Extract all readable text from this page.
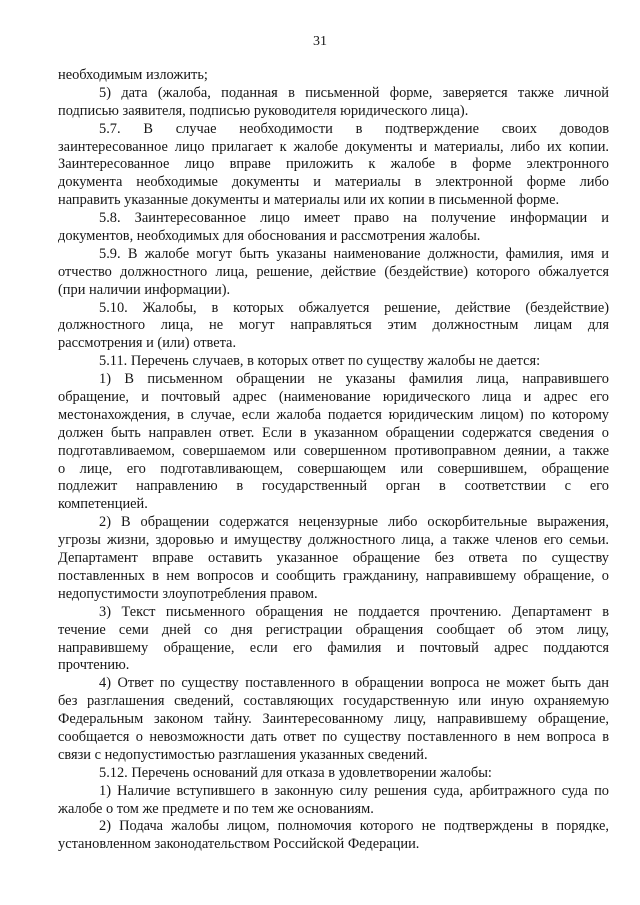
31
необходимым изложить;
5) дата (жалоба, поданная в письменной форме, заверяется также личной
подписью заявителя, подписью руководителя юридического лица).
5.7. В случае необходимости в подтверждение своих доводов
заинтересованное лицо прилагает к жалобе документы и материалы, либо их копии.
Заинтересованное лицо вправе приложить к жалобе в форме электронного
документа необходимые документы и материалы в электронной форме либо
направить указанные документы и материалы или их копии в письменной форме.
5.8. Заинтересованное лицо имеет право на получение информации и
документов, необходимых для обоснования и рассмотрения жалобы.
5.9. В жалобе могут быть указаны наименование должности, фамилия, имя и
отчество должностного лица, решение, действие (бездействие) которого обжалуется
(при наличии информации).
5.10. Жалобы, в которых обжалуется решение, действие (бездействие)
должностного лица, не могут направляться этим должностным лицам для
рассмотрения и (или) ответа.
5.11. Перечень случаев, в которых ответ по существу жалобы не дается:
1) В письменном обращении не указаны фамилия лица, направившего
обращение, и почтовый адрес (наименование юридического лица и адрес его
местонахождения, в случае, если жалоба подается юридическим лицом) по которому
должен быть направлен ответ. Если в указанном обращении содержатся сведения о
подготавливаемом, совершаемом или совершенном противоправном деянии, а также
о лице, его подготавливающем, совершающем или совершившем, обращение
подлежит направлению в государственный орган в соответствии с его
компетенцией.
2) В обращении содержатся нецензурные либо оскорбительные выражения,
угрозы жизни, здоровью и имуществу должностного лица, а также членов его семьи.
Департамент вправе оставить указанное обращение без ответа по существу
поставленных в нем вопросов и сообщить гражданину, направившему обращение, о
недопустимости злоупотребления правом.
3) Текст письменного обращения не поддается прочтению. Департамент в
течение семи дней со дня регистрации обращения сообщает об этом лицу,
направившему обращение, если его фамилия и почтовый адрес поддаются
прочтению.
4) Ответ по существу поставленного в обращении вопроса не может быть дан
без разглашения сведений, составляющих государственную или иную охраняемую
Федеральным законом тайну. Заинтересованному лицу, направившему обращение,
сообщается о невозможности дать ответ по существу поставленного в нем вопроса в
связи с недопустимостью разглашения указанных сведений.
5.12. Перечень оснований для отказа в удовлетворении жалобы:
1) Наличие вступившего в законную силу решения суда, арбитражного суда по
жалобе о том же предмете и по тем же основаниям.
2) Подача жалобы лицом, полномочия которого не подтверждены в порядке,
установленном законодательством Российской Федерации.
